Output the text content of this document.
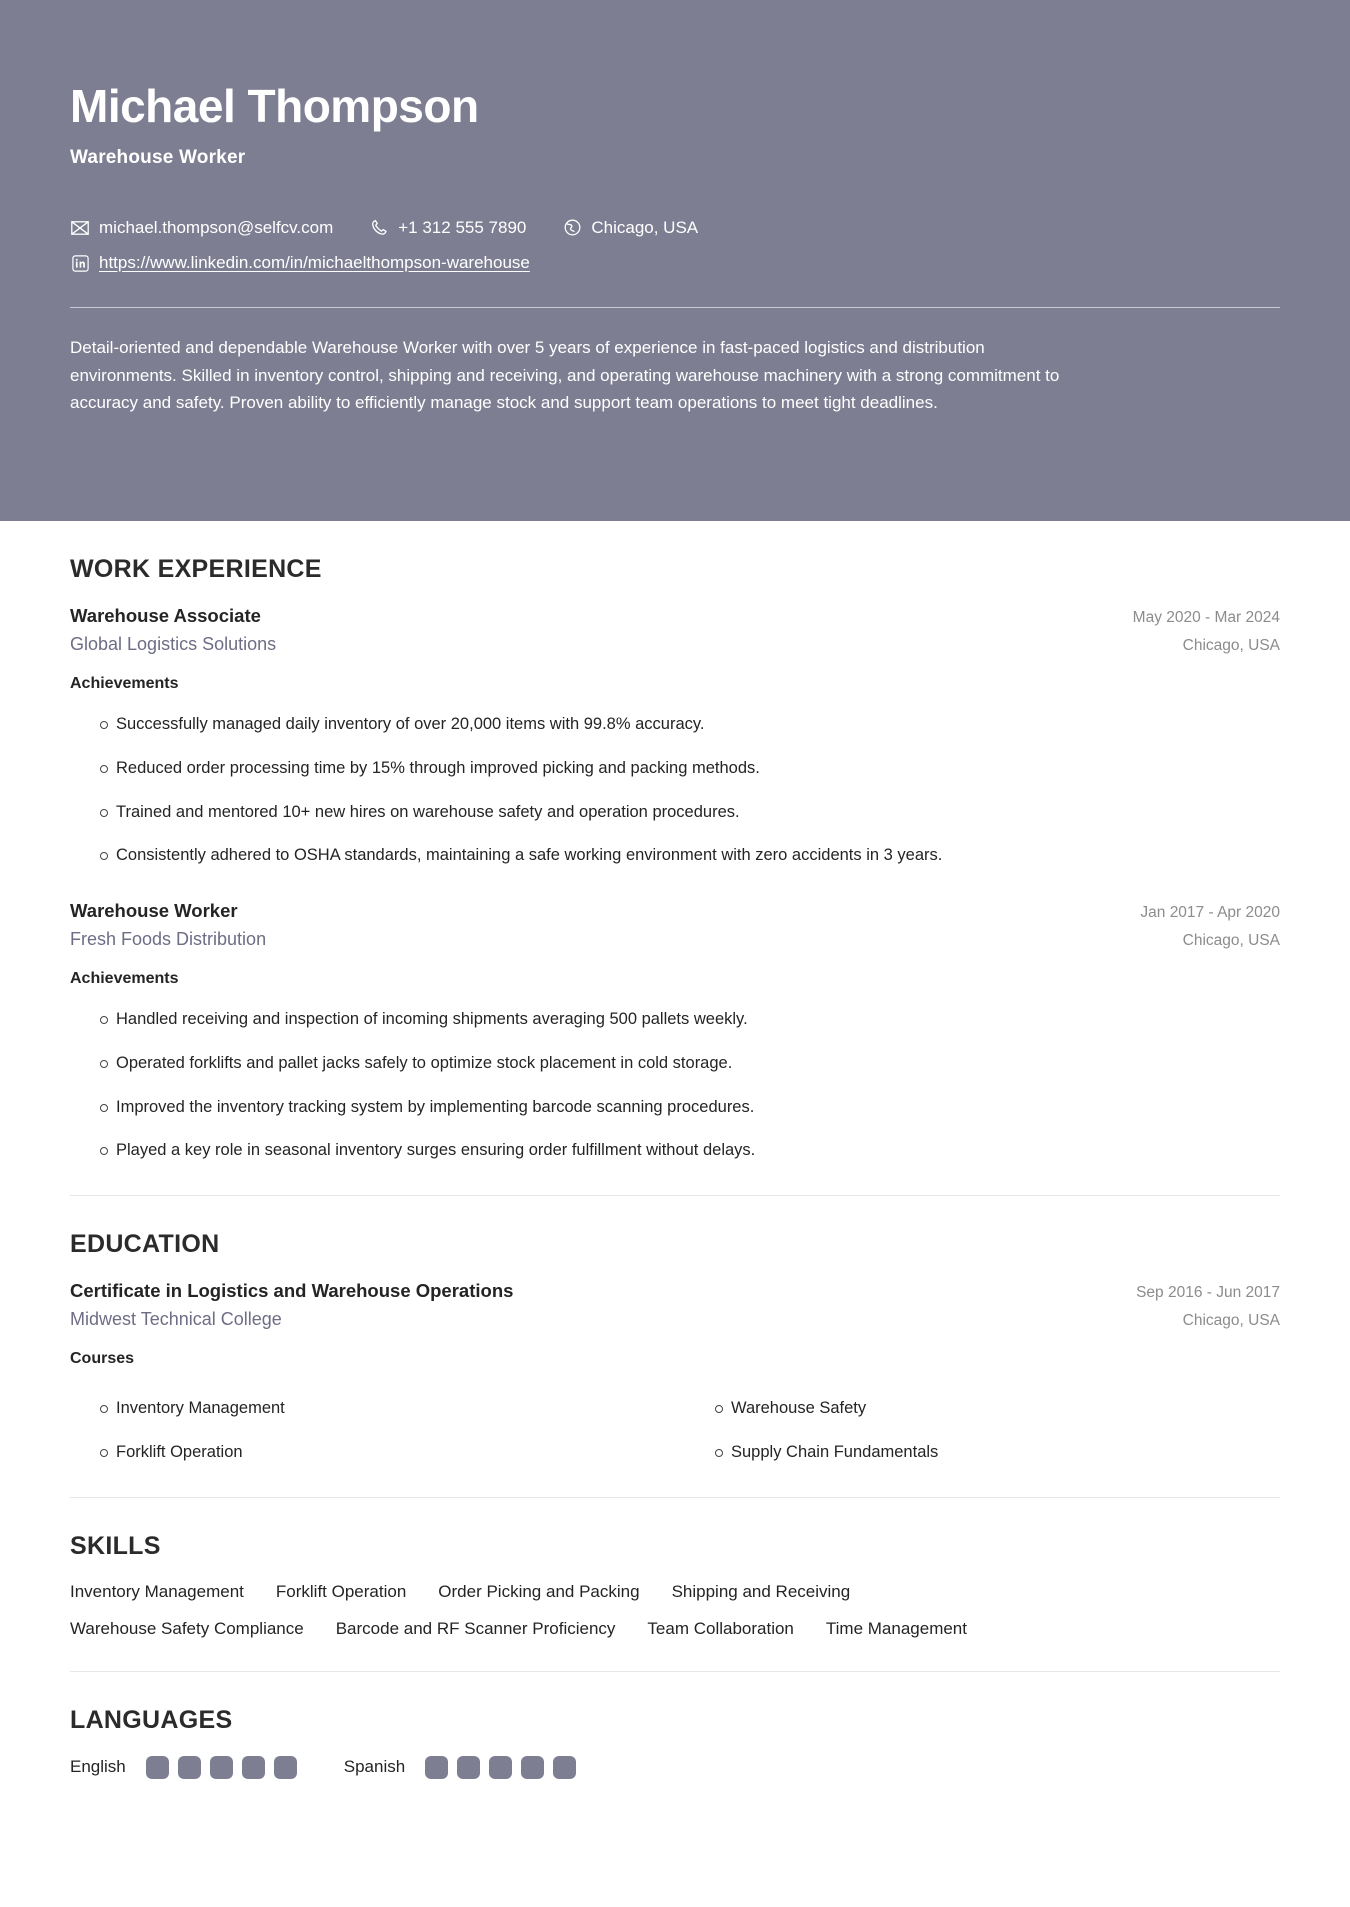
Michael Thompson
Warehouse Worker
michael.thompson@selfcv.com	+1 312 555 7890	Chicago, USA
https://www.linkedin.com/in/michaelthompson-warehouse
Detail-oriented and dependable Warehouse Worker with over 5 years of experience in fast-paced logistics and distribution environments. Skilled in inventory control, shipping and receiving, and operating warehouse machinery with a strong commitment to accuracy and safety. Proven ability to efficiently manage stock and support team operations to meet tight deadlines.
WORK EXPERIENCE
Warehouse Associate	May 2020 - Mar 2024
Global Logistics Solutions	Chicago, USA
Achievements
Successfully managed daily inventory of over 20,000 items with 99.8% accuracy.
Reduced order processing time by 15% through improved picking and packing methods.
Trained and mentored 10+ new hires on warehouse safety and operation procedures.
Consistently adhered to OSHA standards, maintaining a safe working environment with zero accidents in 3 years.
Warehouse Worker	Jan 2017 - Apr 2020
Fresh Foods Distribution	Chicago, USA
Achievements
Handled receiving and inspection of incoming shipments averaging 500 pallets weekly.
Operated forklifts and pallet jacks safely to optimize stock placement in cold storage.
Improved the inventory tracking system by implementing barcode scanning procedures.
Played a key role in seasonal inventory surges ensuring order fulfillment without delays.
EDUCATION
Certificate in Logistics and Warehouse Operations	Sep 2016 - Jun 2017
Midwest Technical College	Chicago, USA
Courses
Inventory Management	Warehouse Safety
Forklift Operation	Supply Chain Fundamentals
SKILLS
Inventory Management Forklift Operation Order Picking and Packing Shipping and Receiving
Warehouse Safety Compliance Barcode and RF Scanner Proficiency Team Collaboration Time Management
LANGUAGES
English	Spanish
